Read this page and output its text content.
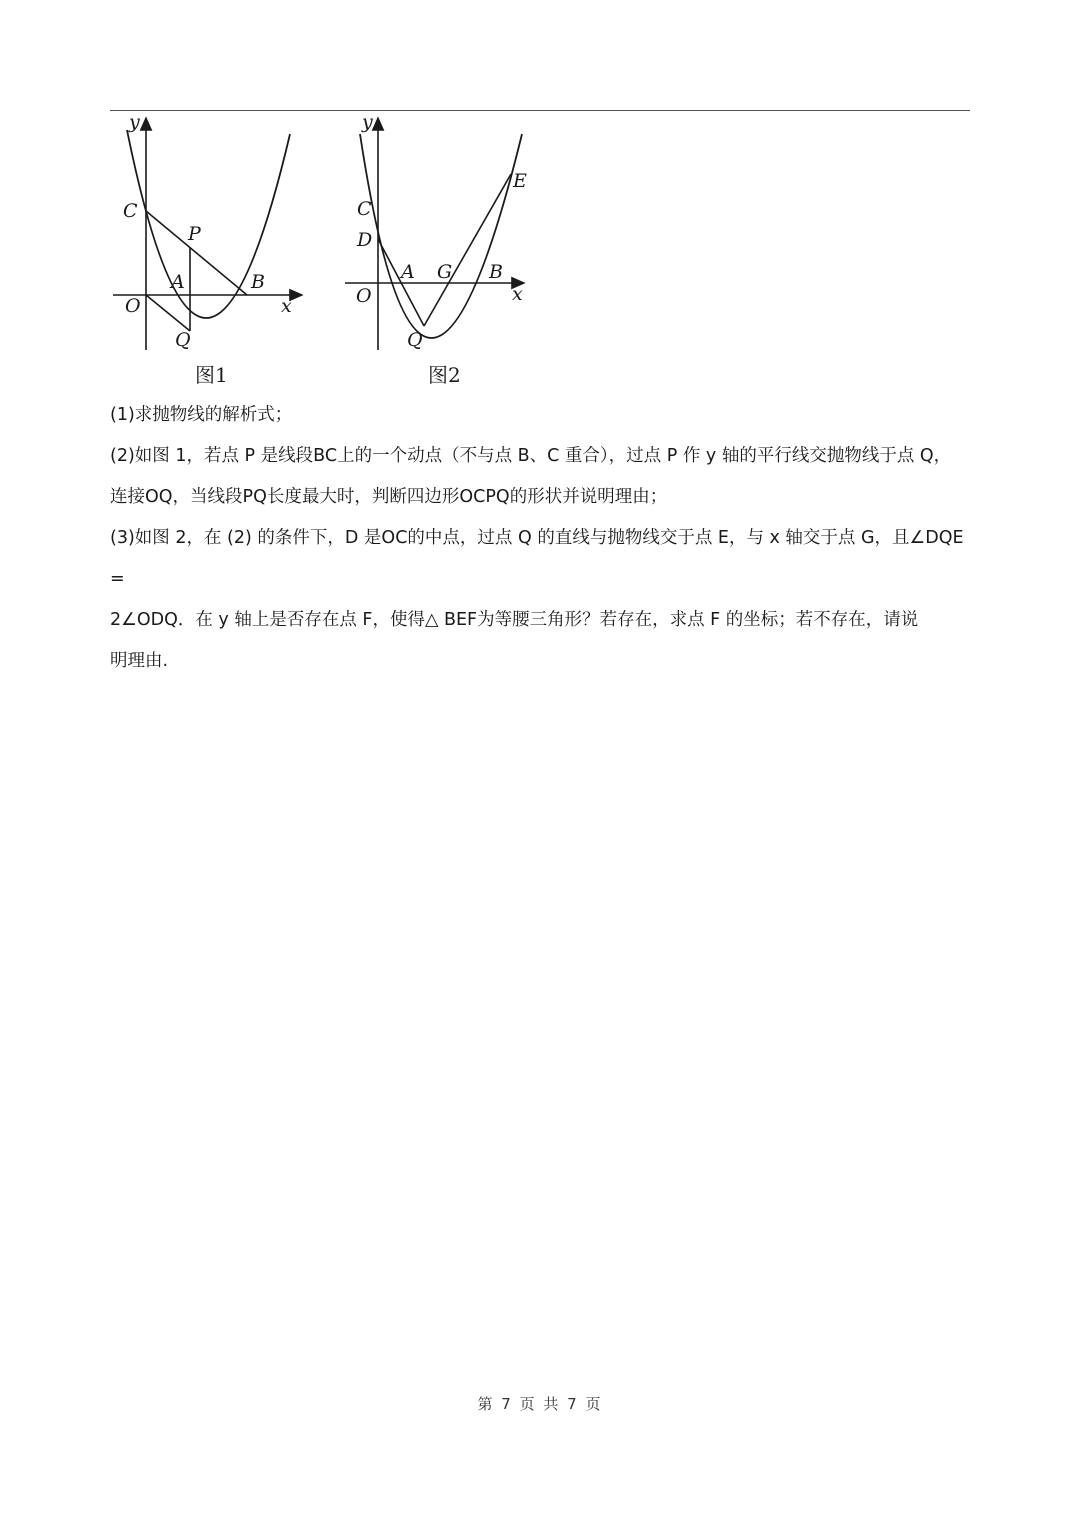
y
x
C
P
A	B
O
Q
图1
y
x
C
D
A G B
E
O
Q
图2

(1)求抛物线的解析式；

(2)如图 1，若点 P 是线段BC上的一个动点（不与点 B、C 重合），过点 P 作 y 轴的平行线交抛物线于点 Q，

连接OQ，当线段PQ长度最大时，判断四边形OCPQ的形状并说明理由；

(3)如图 2，在 (2) 的条件下，D 是OC的中点，过点 Q 的直线与抛物线交于点 E，与 x 轴交于点 G，且∠DQE =

2∠ODQ．在 y 轴上是否存在点 F，使得△ BEF为等腰三角形？若存在，求点 F 的坐标；若不存在，请说

明理由.

第 7 页 共 7 页
